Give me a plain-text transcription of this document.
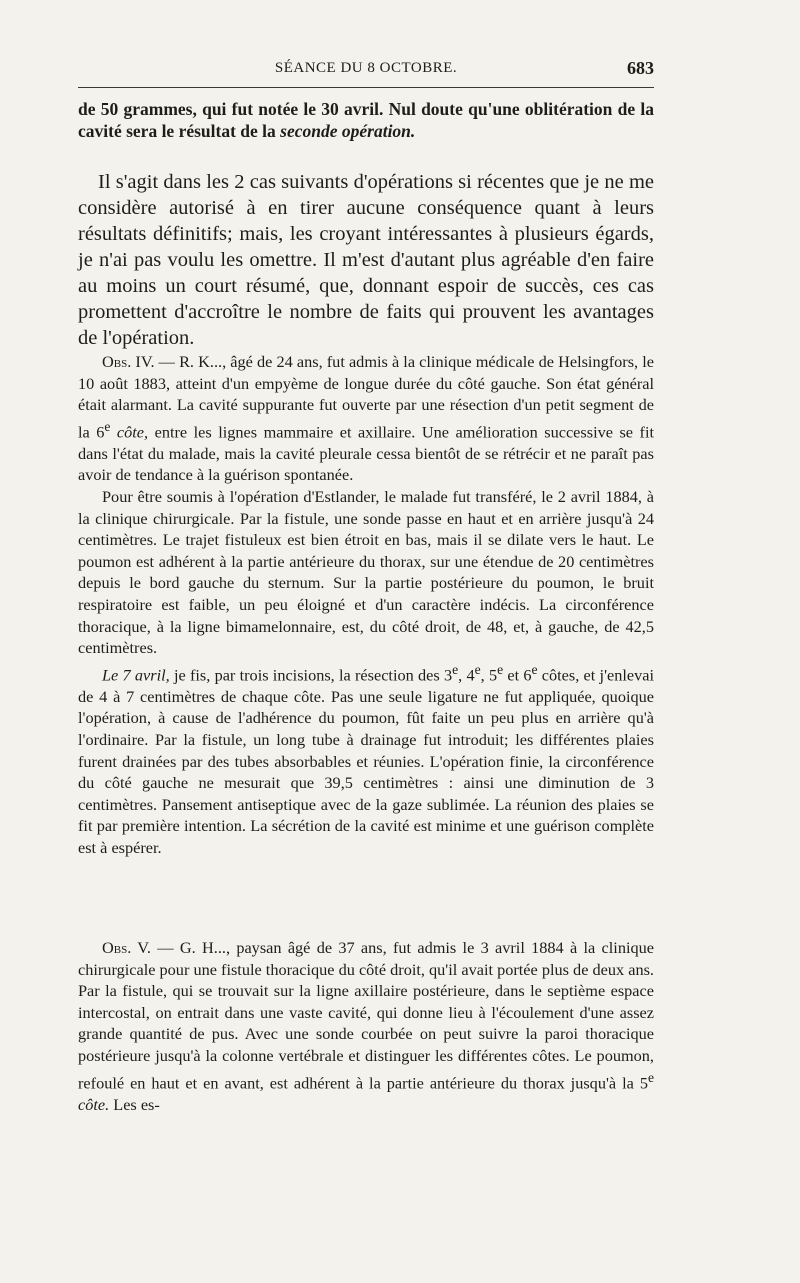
SÉANCE DU 8 OCTOBRE.	683

de 50 grammes, qui fut notée le 30 avril. Nul doute qu'une oblitération de la cavité sera le résultat de la seconde opération.

Il s'agit dans les 2 cas suivants d'opérations si récentes que je ne me considère autorisé à en tirer aucune conséquence quant à leurs résultats définitifs; mais, les croyant intéressantes à plusieurs égards, je n'ai pas voulu les omettre. Il m'est d'autant plus agréable d'en faire au moins un court résumé, que, donnant espoir de succès, ces cas promettent d'accroître le nombre de faits qui prouvent les avantages de l'opération.

Obs. IV. — R. K..., âgé de 24 ans, fut admis à la clinique médicale de Helsingfors, le 10 août 1883, atteint d'un empyème de longue durée du côté gauche. Son état général était alarmant. La cavité suppurante fut ouverte par une résection d'un petit segment de la 6e côte, entre les lignes mammaire et axillaire. Une amélioration successive se fit dans l'état du malade, mais la cavité pleurale cessa bientôt de se rétrécir et ne paraît pas avoir de tendance à la guérison spontanée.

Pour être soumis à l'opération d'Estlander, le malade fut transféré, le 2 avril 1884, à la clinique chirurgicale. Par la fistule, une sonde passe en haut et en arrière jusqu'à 24 centimètres. Le trajet fistuleux est bien étroit en bas, mais il se dilate vers le haut. Le poumon est adhérent à la partie antérieure du thorax, sur une étendue de 20 centimètres depuis le bord gauche du sternum. Sur la partie postérieure du poumon, le bruit respiratoire est faible, un peu éloigné et d'un caractère indécis. La circonférence thoracique, à la ligne bimamelonnaire, est, du côté droit, de 48, et, à gauche, de 42,5 centimètres.

Le 7 avril, je fis, par trois incisions, la résection des 3e, 4e, 5e et 6e côtes, et j'enlevai de 4 à 7 centimètres de chaque côte. Pas une seule ligature ne fut appliquée, quoique l'opération, à cause de l'adhérence du poumon, fût faite un peu plus en arrière qu'à l'ordinaire. Par la fistule, un long tube à drainage fut introduit; les différentes plaies furent drainées par des tubes absorbables et réunies. L'opération finie, la circonférence du côté gauche ne mesurait que 39,5 centimètres : ainsi une diminution de 3 centimètres. Pansement antiseptique avec de la gaze sublimée. La réunion des plaies se fit par première intention. La sécrétion de la cavité est minime et une guérison complète est à espérer.

Obs. V. — G. H..., paysan âgé de 37 ans, fut admis le 3 avril 1884 à la clinique chirurgicale pour une fistule thoracique du côté droit, qu'il avait portée plus de deux ans. Par la fistule, qui se trouvait sur la ligne axillaire postérieure, dans le septième espace intercostal, on entrait dans une vaste cavité, qui donne lieu à l'écoulement d'une assez grande quantité de pus. Avec une sonde courbée on peut suivre la paroi thoracique postérieure jusqu'à la colonne vertébrale et distinguer les différentes côtes. Le poumon, refoulé en haut et en avant, est adhérent à la partie antérieure du thorax jusqu'à la 5e côte. Les es-
